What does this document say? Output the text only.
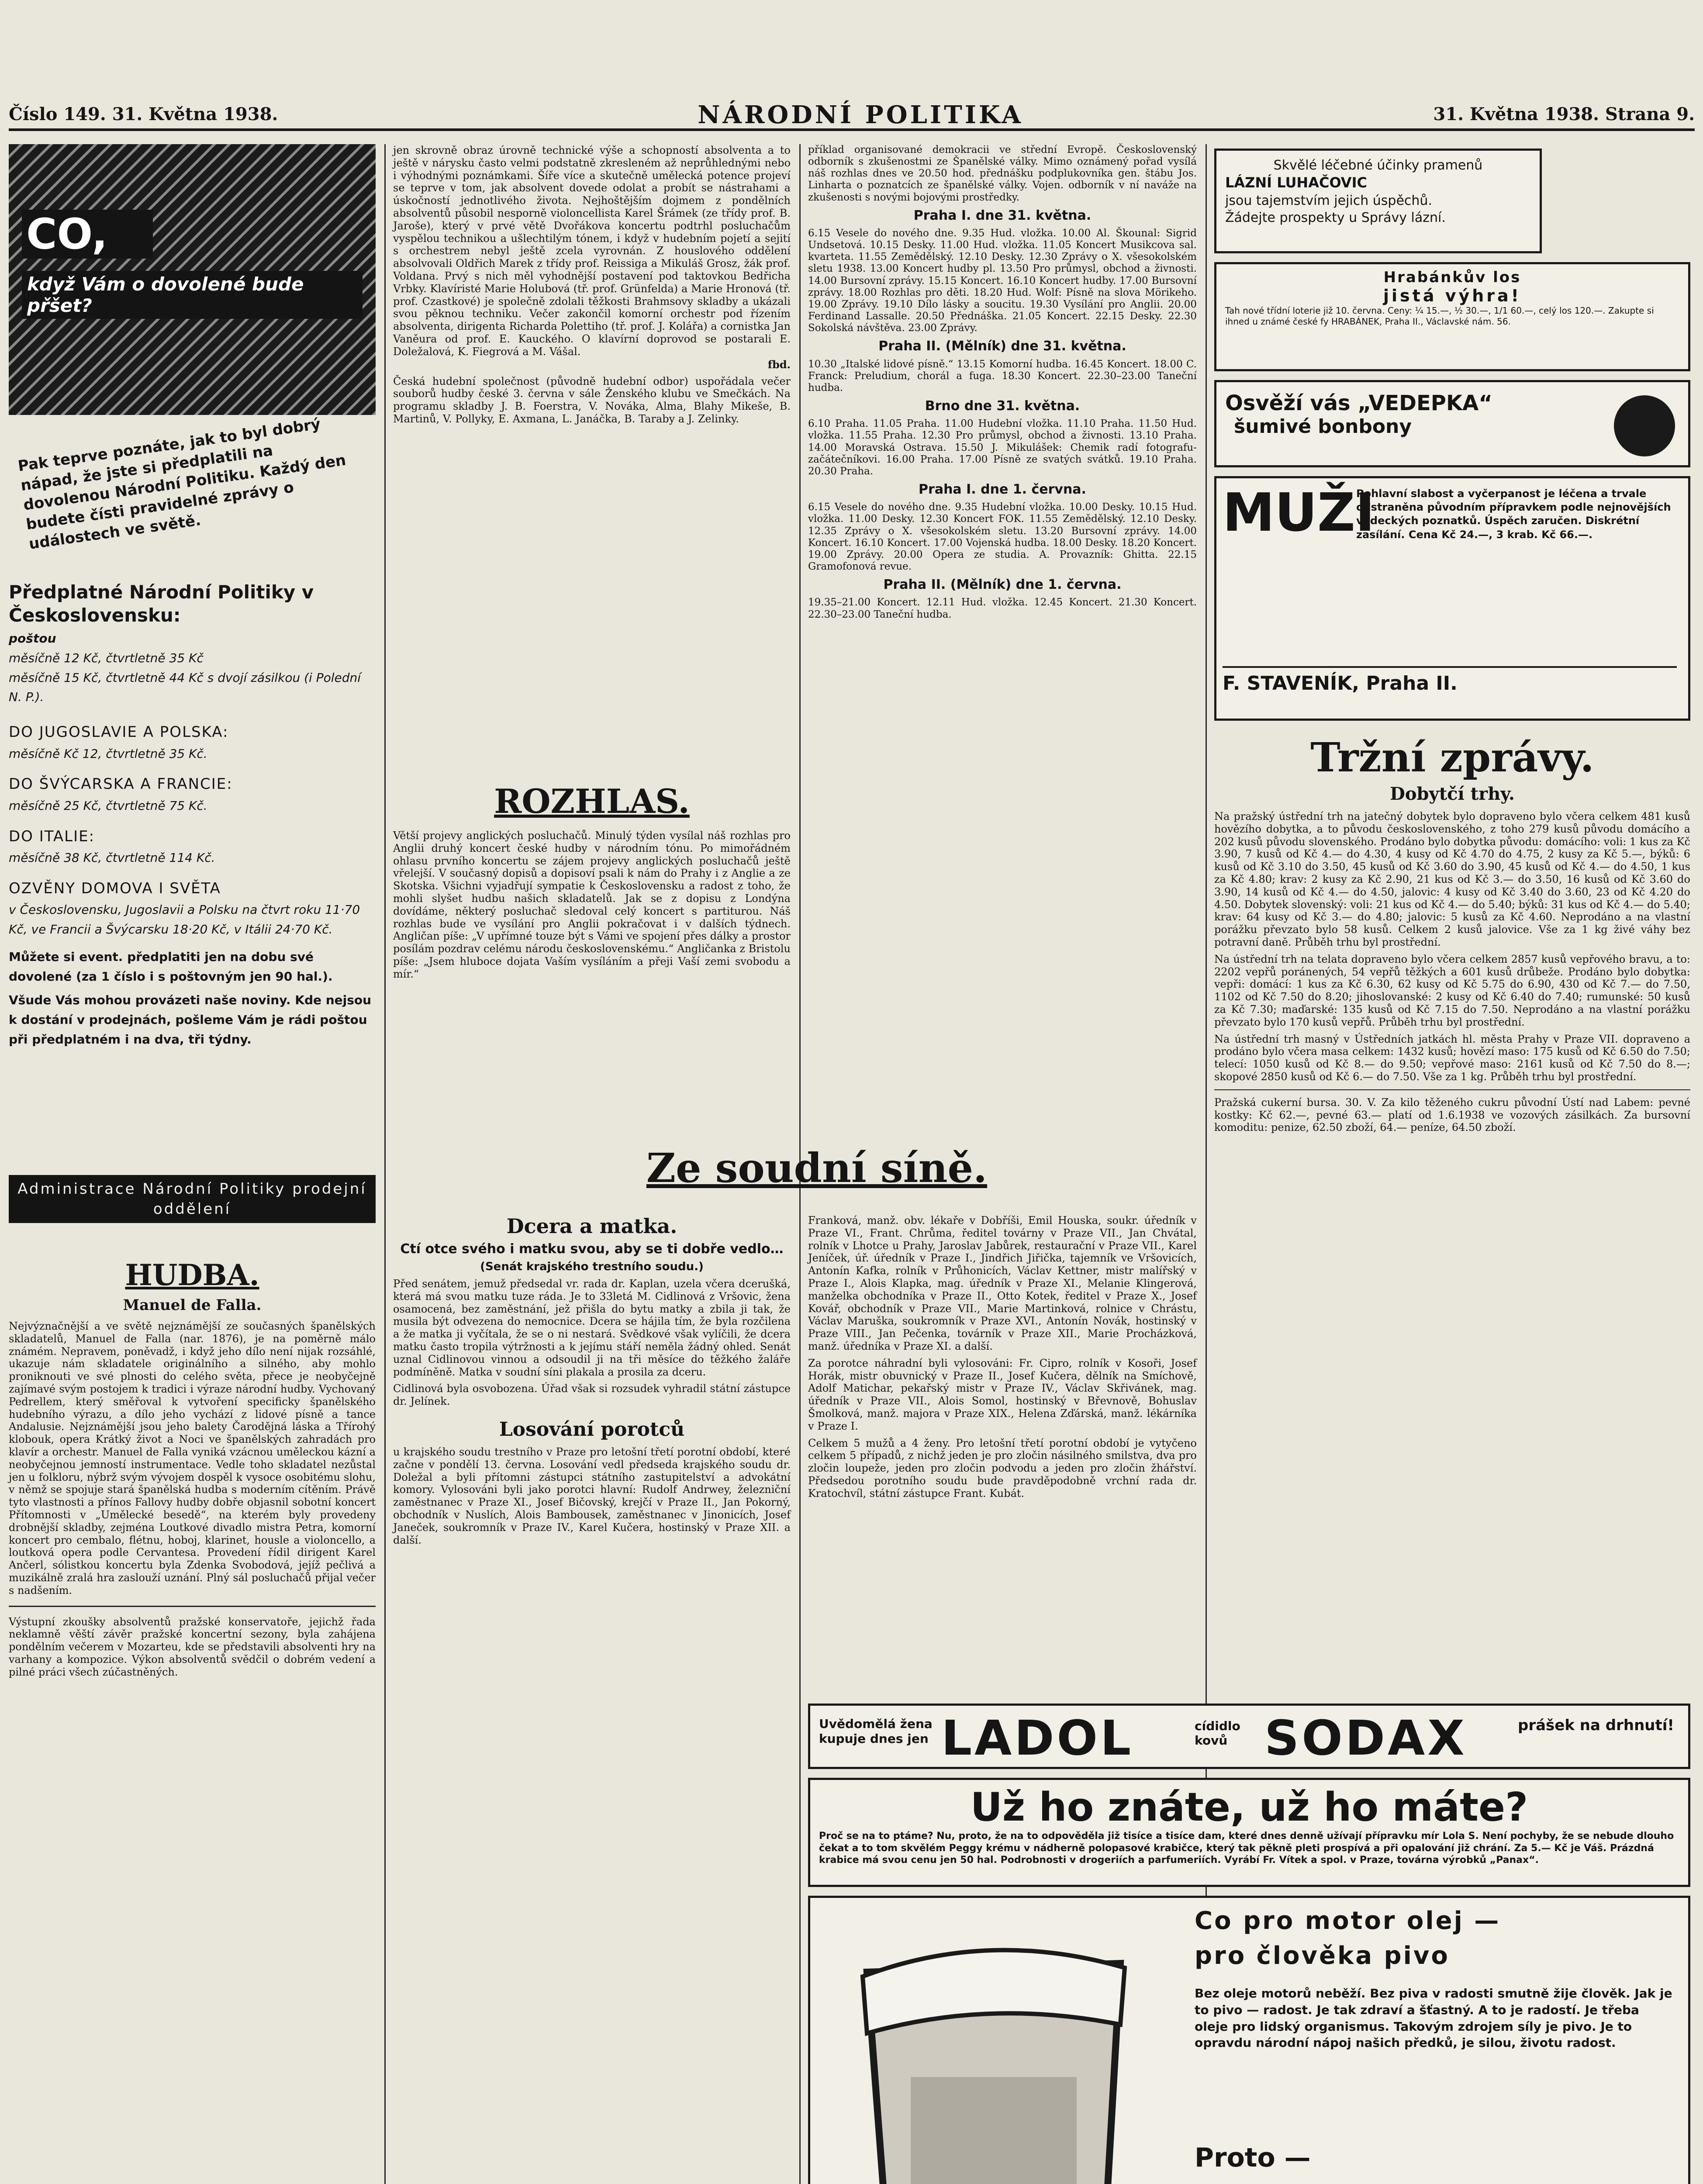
Číslo 149. 31. Května 1938.	NÁRODNÍ POLITIKA	31. Května 1938. Strana 9.
CO,
když Vám o dovolené bude přšet?
Pak teprve poznáte, jak to byl dobrý nápad, že jste si předplatili na dovolenou Národní Politiku. Každý den budete čísti pravidelné zprávy o událostech ve světě.
Předplatné Národní Politiky v Československu:
poštou
měsíčně 12 Kč, čtvrtletně 35 Kč
měsíčně 15 Kč, čtvrtletně 44 Kč s dvojí zásilkou (i Polední N. P.).
DO JUGOSLAVIE A POLSKA:
měsíčně Kč 12, čtvrtletně 35 Kč.
DO ŠVÝCARSKA A FRANCIE:
měsíčně 25 Kč, čtvrtletně 75 Kč.
DO ITALIE:
měsíčně 38 Kč, čtvrtletně 114 Kč.
OZVĚNY DOMOVA I SVĚTA
v Československu, Jugoslavii a Polsku na čtvrt roku 11·70 Kč, ve Francii a Švýcarsku 18·20 Kč, v Itálii 24·70 Kč.
Můžete si event. předplatiti jen na dobu své dovolené (za 1 číslo i s poštovným jen 90 hal.).
Všude Vás mohou provázeti naše noviny. Kde nejsou k dostání v prodejnách, pošleme Vám je rádi poštou při předplatném i na dva, tři týdny.
Administrace Národní Politiky prodejní oddělení
HUDBA.
Manuel de Falla.
Nejvýznačnější a ve světě nejznámější ze současných španělských skladatelů, Manuel de Falla (nar. 1876), je na poměrně málo známém. Nepravem, poněvadž, i když jeho dílo není nijak rozsáhlé, ukazuje nám skladatele originálního a silného, aby mohlo proniknouti ve své plnosti do celého světa, přece je neobyčejně zajímavé svým postojem k tradici i výraze národní hudby. Vychovaný Pedrellem, který směřoval k vytvoření specificky španělského hudebního výrazu, a dílo jeho vychází z lidové písně a tance Andalusie. Nejznámější jsou jeho balety Čarodějná láska a Třírohý klobouk, opera Krátký život a Noci ve španělských zahradách pro klavír a orchestr. Manuel de Falla vyniká vzácnou uměleckou kázní a neobyčejnou jemností instrumentace. Vedle toho skladatel nezůstal jen u folkloru, nýbrž svým vývojem dospěl k vysoce osobitému slohu, v němž se spojuje stará španělská hudba s moderním cítěním. Právě tyto vlastnosti a přínos Fallovy hudby dobře objasnil sobotní koncert Přítomnosti v „Umělecké besedě“, na kterém byly provedeny drobnější skladby, zejména Loutkové divadlo mistra Petra, komorní koncert pro cembalo, flétnu, hoboj, klarinet, housle a violoncello, a loutková opera podle Cervantesa. Provedení řídil dirigent Karel Ančerl, sólistkou koncertu byla Zdenka Svobodová, jejíž pečlivá a muzikálně zralá hra zaslouží uznání. Plný sál posluchačů přijal večer s nadšením.
Výstupní zkoušky absolventů pražské konservatoře, jejichž řada neklamně věští závěr pražské koncertní sezony, byla zahájena pondělním večerem v Mozarteu, kde se představili absolventi hry na varhany a kompozice. Výkon absolventů svědčil o dobrém vedení a pilné práci všech zúčastněných.
jen skrovně obraz úrovně technické výše a schopností absolventa a to ještě v nárysku často velmi podstatně zkresleném až neprůhlednými nebo i výhodnými poznámkami. Šíře více a skutečně umělecká potence projeví se teprve v tom, jak absolvent dovede odolat a probít se nástrahami a úskočností jednotlivého života. Nejhoštějším dojmem z pondělních absolventů působil nesporně violoncellista Karel Šrámek (ze třídy prof. B. Jaroše), který v prvé větě Dvořákova koncertu podtrhl posluchačům vyspělou technikou a ušlechtilým tónem, i když v hudebním pojetí a sejití s orchestrem nebyl ještě zcela vyrovnán. Z houslového oddělení absolvovali Oldřich Marek z třídy prof. Reissiga a Mikuláš Grosz, žák prof. Voldana. Prvý s nich měl vyhodnější postavení pod taktovkou Bedřicha Vrbky. Klavíristé Marie Holubová (tř. prof. Grünfelda) a Marie Hronová (tř. prof. Czastkové) je společně zdolali těžkosti Brahmsovy skladby a ukázali svou pěknou techniku. Večer zakončil komorní orchestr pod řízením absolventa, dirigenta Richarda Polettiho (tř. prof. J. Kolářa) a cornistka Jan Vaněura od prof. E. Kauckého. O klavírní doprovod se postarali E. Doležalová, K. Fiegrová a M. Vášal.
fbd.
Česká hudební společnost (původně hudební odbor) uspořádala večer souborů hudby české 3. června v sále Ženského klubu ve Smečkách. Na programu skladby J. B. Foerstra, V. Nováka, Alma, Blahy Mikeše, B. Martinů, V. Pollyky, E. Axmana, L. Janáčka, B. Taraby a J. Zelinky.
ROZHLAS.
Větší projevy anglických posluchačů. Minulý týden vysílal náš rozhlas pro Anglii druhý koncert české hudby v národním tónu. Po mimořádném ohlasu prvního koncertu se zájem projevy anglických posluchačů ještě vřelejší. V současný dopisů a dopisoví psali k nám do Prahy i z Anglie a ze Skotska. Všichni vyjadřují sympatie k Československu a radost z toho, že mohli slyšet hudbu našich skladatelů. Jak se z dopisu z Londýna dovídáme, některý posluchač sledoval celý koncert s partiturou. Náš rozhlas bude ve vysílání pro Anglii pokračovat i v dalších týdnech. Angličan píše: „V upřímné touze být s Vámi ve spojení přes dálky a prostor posílám pozdrav celému národu československému.“ Angličanka z Bristolu píše: „Jsem hluboce dojata Vaším vysíláním a přeji Vaší zemi svobodu a mír.“

příklad organisované demokracii ve střední Evropě. Československý odborník s zkušenostmi ze Španělské války. Mimo oznámený pořad vysílá náš rozhlas dnes ve 20.50 hod. přednášku podplukovníka gen. štábu Jos. Linharta o poznatcích ze španělské války. Vojen. odborník v ní naváže na zkušenosti s novými bojovými prostředky.

Praha I. dne 31. května.

6.15 Vesele do nového dne. 9.35 Hud. vložka. 10.00 Al. Škounal: Sigrid Undsetová. 10.15 Desky. 11.00 Hud. vložka. 11.05 Koncert Musikcova sal. kvarteta. 11.55 Zemědělský. 12.10 Desky. 12.30 Zprávy o X. všesokolském sletu 1938. 13.00 Koncert hudby pl. 13.50 Pro průmysl, obchod a živnosti. 14.00 Bursovní zprávy. 15.15 Koncert. 16.10 Koncert hudby. 17.00 Bursovní zprávy. 18.00 Rozhlas pro děti. 18.20 Hud. Wolf: Písně na slova Mörikeho. 19.00 Zprávy. 19.10 Dílo lásky a soucitu. 19.30 Vysílání pro Anglii. 20.00 Ferdinand Lassalle. 20.50 Přednáška. 21.05 Koncert. 22.15 Desky. 22.30 Sokolská návštěva. 23.00 Zprávy.

Praha II. (Mělník) dne 31. května.

10.30 „Italské lidové písně.“ 13.15 Komorní hudba. 16.45 Koncert. 18.00 C. Franck: Preludium, chorál a fuga. 18.30 Koncert. 22.30–23.00 Taneční hudba.

Brno dne 31. května.

6.10 Praha. 11.05 Praha. 11.00 Hudební vložka. 11.10 Praha. 11.50 Hud. vložka. 11.55 Praha. 12.30 Pro průmysl, obchod a živnosti. 13.10 Praha. 14.00 Moravská Ostrava. 15.50 J. Mikulášek: Chemik radí fotografu-začátečníkovi. 16.00 Praha. 17.00 Písně ze svatých svátků. 19.10 Praha. 20.30 Praha.

Praha I. dne 1. června.

6.15 Vesele do nového dne. 9.35 Hudební vložka. 10.00 Desky. 10.15 Hud. vložka. 11.00 Desky. 12.30 Koncert FOK. 11.55 Zemědělský. 12.10 Desky. 12.35 Zprávy o X. všesokolském sletu. 13.20 Bursovní zprávy. 14.00 Koncert. 16.10 Koncert. 17.00 Vojenská hudba. 18.00 Desky. 18.20 Koncert. 19.00 Zprávy. 20.00 Opera ze studia. A. Provazník: Ghitta. 22.15 Gramofonová revue.

Praha II. (Mělník) dne 1. června.

19.35–21.00 Koncert. 12.11 Hud. vložka. 12.45 Koncert. 21.30 Koncert. 22.30–23.00 Taneční hudba.

Ze soudní síně.
Dcera a matka.
Ctí otce svého i matku svou, aby se ti dobře vedlo…
(Senát krajského trestního soudu.)
Před senátem, jemuž předsedal vr. rada dr. Kaplan, uzela včera dcerušká, která má svou matku tuze ráda. Je to 33letá M. Cidlinová z Vršovic, žena osamocená, bez zaměstnání, jež přišla do bytu matky a zbila ji tak, že musila být odvezena do nemocnice. Dcera se hájila tím, že byla rozčilena a že matka ji vyčítala, že se o ni nestará. Svědkové však vylíčili, že dcera matku často tropila výtržnosti a k jejímu stáří neměla žádný ohled. Senát uznal Cidlinovou vinnou a odsoudil ji na tři měsíce do těžkého žaláře podmíněně. Matka v soudní síni plakala a prosila za dceru.
Cidlinová byla osvobozena. Úřad však si rozsudek vyhradil státní zástupce dr. Jelínek.
Losování porotců
u krajského soudu trestního v Praze pro letošní třetí porotní období, které začne v pondělí 13. června. Losování vedl předseda krajského soudu dr. Doležal a byli přítomni zástupci státního zastupitelství a advokátní komory. Vylosováni byli jako porotci hlavní: Rudolf Andrwey, železniční zaměstnanec v Praze XI., Josef Bičovský, krejčí v Praze II., Jan Pokorný, obchodník v Nuslích, Alois Bambousek, zaměstnanec v Jinonicích, Josef Janeček, soukromník v Praze IV., Karel Kučera, hostinský v Praze XII. a další.
Franková, manž. obv. lékaře v Dobříši, Emil Houska, soukr. úředník v Praze VI., Frant. Chrůma, ředitel továrny v Praze VII., Jan Chvátal, rolník v Lhotce u Prahy, Jaroslav Jabůrek, restaurační v Praze VII., Karel Jeníček, úř. úředník v Praze I., Jindřich Jiřička, tajemník ve Vršovicích, Antonín Kafka, rolník v Průhonicích, Václav Kettner, mistr malířský v Praze I., Alois Klapka, mag. úředník v Praze XI., Melanie Klingerová, manželka obchodníka v Praze II., Otto Kotek, ředitel v Praze X., Josef Kovář, obchodník v Praze VII., Marie Martinková, rolnice v Chrástu, Václav Maruška, soukromník v Praze XVI., Antonín Novák, hostinský v Praze VIII., Jan Pečenka, továrník v Praze XII., Marie Procházková, manž. úředníka v Praze XI. a další.
Za porotce náhradní byli vylosováni: Fr. Cipro, rolník v Kosoři, Josef Horák, mistr obuvnický v Praze II., Josef Kučera, dělník na Smíchově, Adolf Matichar, pekařský mistr v Praze IV., Václav Skřivánek, mag. úředník v Praze VII., Alois Somol, hostinský v Břevnově, Bohuslav Šmolková, manž. majora v Praze XIX., Helena Zďárská, manž. lékárníka v Praze I.
Celkem 5 mužů a 4 ženy. Pro letošní třetí porotní období je vytyčeno celkem 5 případů, z nichž jeden je pro zločin násilného smilstva, dva pro zločin loupeže, jeden pro zločin podvodu a jeden pro zločin žhářství. Předsedou porotního soudu bude pravděpodobně vrchní rada dr. Kratochvíl, státní zástupce Frant. Kubát.
Skvělé léčebné účinky pramenů
LÁZNÍ LUHAČOVIC
jsou tajemstvím jejich úspěchů.
Žádejte prospekty u Správy lázní.
Hrabánkův los
jistá výhra!
Tah nové třídní loterie již 10. června. Ceny: ¼ 15.—, ½ 30.—, 1/1 60.—, celý los 120.—. Zakupte si ihned u známé české fy HRABÁNEK, Praha II., Václavské nám. 56.
Osvěží vás „VEDEPKA“
šumivé bonbony
MUŽI
Pohlavní slabost a vyčerpanost je léčena a trvale odstraněna původním přípravkem podle nejnovějších vědeckých poznatků. Úspěch zaručen. Diskrétní zasílání. Cena Kč 24.—, 3 krab. Kč 66.—.
F. STAVENÍK, Praha II.
Tržní zprávy.
Dobytčí trhy.
Na pražský ústřední trh na jatečný dobytek bylo dopraveno bylo včera celkem 481 kusů hovězího dobytka, a to původu československého, z toho 279 kusů původu domácího a 202 kusů původu slovenského. Prodáno bylo dobytka původu: domácího: voli: 1 kus za Kč 3.90, 7 kusů od Kč 4.— do 4.30, 4 kusy od Kč 4.70 do 4.75, 2 kusy za Kč 5.—, býků: 6 kusů od Kč 3.10 do 3.50, 45 kusů od Kč 3.60 do 3.90, 45 kusů od Kč 4.— do 4.50, 1 kus za Kč 4.80; krav: 2 kusy za Kč 2.90, 21 kus od Kč 3.— do 3.50, 16 kusů od Kč 3.60 do 3.90, 14 kusů od Kč 4.— do 4.50, jalovic: 4 kusy od Kč 3.40 do 3.60, 23 od Kč 4.20 do 4.50. Dobytek slovenský: voli: 21 kus od Kč 4.— do 5.40; býků: 31 kus od Kč 4.— do 5.40; krav: 64 kusy od Kč 3.— do 4.80; jalovic: 5 kusů za Kč 4.60. Neprodáno a na vlastní porážku převzato bylo 58 kusů. Celkem 2 kusů jalovice. Vše za 1 kg živé váhy bez potravní daně. Průběh trhu byl prostřední.
Na ústřední trh na telata dopraveno bylo včera celkem 2857 kusů vepřového bravu, a to: 2202 vepřů poránených, 54 vepřů těžkých a 601 kusů drůbeže. Prodáno bylo dobytka: vepři: domácí: 1 kus za Kč 6.30, 62 kusy od Kč 5.75 do 6.90, 430 od Kč 7.— do 7.50, 1102 od Kč 7.50 do 8.20; jihoslovanské: 2 kusy od Kč 6.40 do 7.40; rumunské: 50 kusů za Kč 7.30; maďarské: 135 kusů od Kč 7.15 do 7.50. Neprodáno a na vlastní porážku převzato bylo 170 kusů vepřů. Průběh trhu byl prostřední.
Na ústřední trh masný v Ústředních jatkách hl. města Prahy v Praze VII. dopraveno a prodáno bylo včera masa celkem: 1432 kusů; hovězí maso: 175 kusů od Kč 6.50 do 7.50; telecí: 1050 kusů od Kč 8.— do 9.50; vepřové maso: 2161 kusů od Kč 7.50 do 8.—; skopové 2850 kusů od Kč 6.— do 7.50. Vše za 1 kg. Průběh trhu byl prostřední.
Pražská cukerní bursa. 30. V. Za kilo těženého cukru původní Ústí nad Labem: pevné kostky: Kč 62.—, pevné 63.— platí od 1.6.1938 ve vozových zásilkách. Za bursovní komoditu: penize, 62.50 zboží, 64.— peníze, 64.50 zboží.
Uvědomělá žena kupuje dnes jen LADOL	cídidlo kovů SODAX	prášek na drhnutí!
Už ho znáte, už ho máte?
Proč se na to ptáme? Nu, proto, že na to odpověděla již tisíce a tisíce dam, které dnes denně užívají přípravku mír Lola S. Není pochyby, že se nebude dlouho čekat a to tom skvělém Peggy krému v nádherně polopasové krabičce, který tak pěkně pleti prospívá a při opalování již chrání. Za 5.— Kč je Váš. Prázdná krabice má svou cenu jen 50 hal. Podrobnosti v drogeriích a parfumeriích. Vyrábí Fr. Vítek a spol. v Praze, továrna výrobků „Panax“.
Co pro motor olej —
pro člověka pivo
Bez oleje motorů neběží. Bez piva v radosti smutně žije člověk. Jak je to pivo — radost. Je tak zdraví a šťastný. A to je radostí. Je třeba oleje pro lidský organismus. Takovým zdrojem síly je pivo. Je to opravdu národní nápoj našich předků, je silou, životu radost.
Proto —
